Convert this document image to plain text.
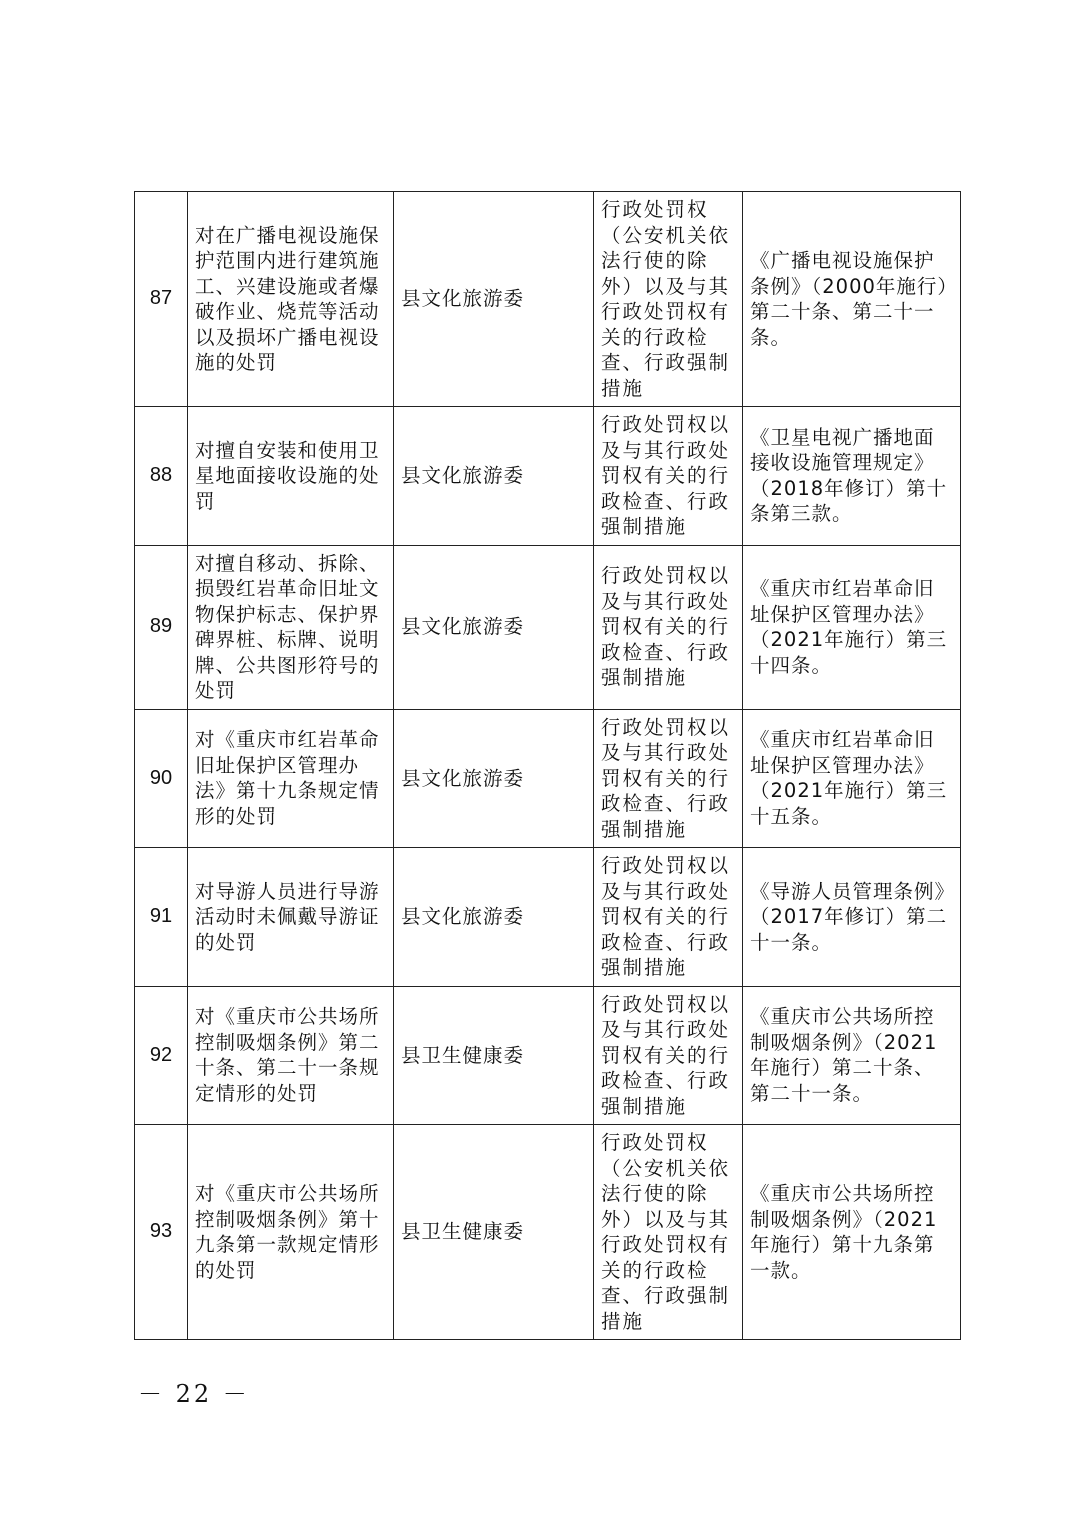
87	对在广播电视设施保护范围内进行建筑施工、兴建设施或者爆破作业、烧荒等活动以及损坏广播电视设施的处罚	县文化旅游委	行政处罚权（公安机关依法行使的除外）以及与其行政处罚权有关的行政检查、行政强制措施	《广播电视设施保护条例》（2000年施行）第二十条、第二十一条。
88	对擅自安装和使用卫星地面接收设施的处罚	县文化旅游委	行政处罚权以及与其行政处罚权有关的行政检查、行政强制措施	《卫星电视广播地面接收设施管理规定》（2018年修订）第十条第三款。
89	对擅自移动、拆除、损毁红岩革命旧址文物保护标志、保护界碑界桩、标牌、说明牌、公共图形符号的处罚	县文化旅游委	行政处罚权以及与其行政处罚权有关的行政检查、行政强制措施	《重庆市红岩革命旧址保护区管理办法》（2021年施行）第三十四条。
90	对《重庆市红岩革命旧址保护区管理办法》第十九条规定情形的处罚	县文化旅游委	行政处罚权以及与其行政处罚权有关的行政检查、行政强制措施	《重庆市红岩革命旧址保护区管理办法》（2021年施行）第三十五条。
91	对导游人员进行导游活动时未佩戴导游证的处罚	县文化旅游委	行政处罚权以及与其行政处罚权有关的行政检查、行政强制措施	《导游人员管理条例》（2017年修订）第二十一条。
92	对《重庆市公共场所控制吸烟条例》第二十条、第二十一条规定情形的处罚	县卫生健康委	行政处罚权以及与其行政处罚权有关的行政检查、行政强制措施	《重庆市公共场所控制吸烟条例》（2021年施行）第二十条、第二十一条。
93	对《重庆市公共场所控制吸烟条例》第十九条第一款规定情形的处罚	县卫生健康委	行政处罚权（公安机关依法行使的除外）以及与其行政处罚权有关的行政检查、行政强制措施	《重庆市公共场所控制吸烟条例》（2021年施行）第十九条第一款。
－ 22 －
